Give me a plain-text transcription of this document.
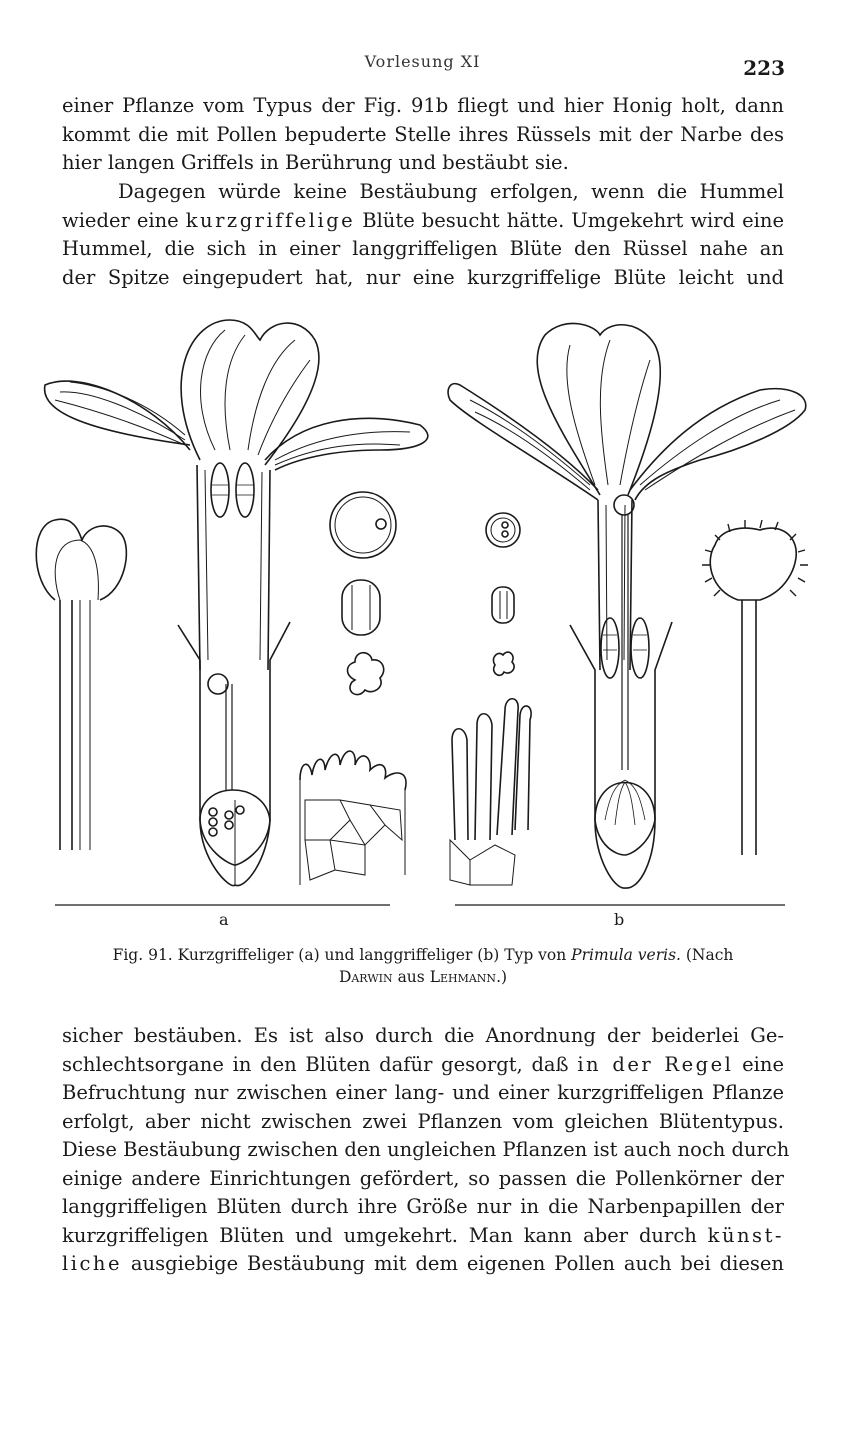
Vorlesung XI	223
einer Pflanze vom Typus der Fig. 91b fliegt und hier Honig holt, dann
kommt die mit Pollen bepuderte Stelle ihres Rüssels mit der Narbe des
hier langen Griffels in Berührung und bestäubt sie.
Dagegen würde keine Bestäubung erfolgen, wenn die Hummel
wieder eine kurzgriffelige Blüte besucht hätte. Umgekehrt wird eine
Hummel, die sich in einer langgriffeligen Blüte den Rüssel nahe an
der Spitze eingepudert hat, nur eine kurzgriffelige Blüte leicht und
a	b
Fig. 91. Kurzgriffeliger (a) und langgriffeliger (b) Typ von Primula veris. (Nach
Darwin aus Lehmann.)
sicher bestäuben. Es ist also durch die Anordnung der beiderlei Ge-
schlechtsorgane in den Blüten dafür gesorgt, daß in der Regel eine
Befruchtung nur zwischen einer lang- und einer kurzgriffeligen Pflanze
erfolgt, aber nicht zwischen zwei Pflanzen vom gleichen Blütentypus.
Diese Bestäubung zwischen den ungleichen Pflanzen ist auch noch durch
einige andere Einrichtungen gefördert, so passen die Pollenkörner der
langgriffeligen Blüten durch ihre Größe nur in die Narbenpapillen der
kurzgriffeligen Blüten und umgekehrt. Man kann aber durch künst-
liche ausgiebige Bestäubung mit dem eigenen Pollen auch bei diesen
